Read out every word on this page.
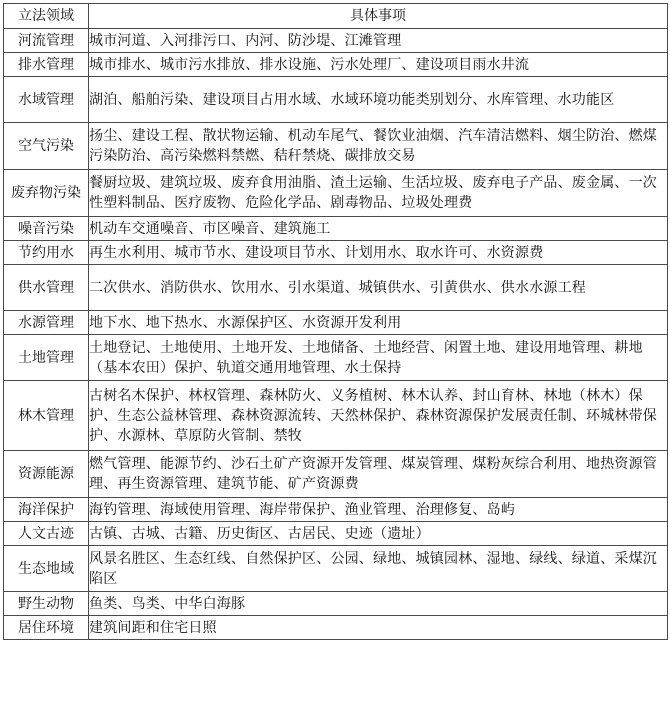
立法领域	具体事项
河流管理	城市河道、入河排污口、内河、防沙堤、江滩管理
排水管理	城市排水、城市污水排放、排水设施、污水处理厂、建设项目雨水井流
水域管理	湖泊、船舶污染、建设项目占用水域、水域环境功能类别划分、水库管理、水功能区
空气污染	扬尘、建设工程、散状物运输、机动车尾气、餐饮业油烟、汽车清洁燃料、烟尘防治、燃煤污染防治、高污染燃料禁燃、秸秆禁烧、碳排放交易
废弃物污染	餐厨垃圾、建筑垃圾、废弃食用油脂、渣土运输、生活垃圾、废弃电子产品、废金属、一次性塑料制品、医疗废物、危险化学品、剧毒物品、垃圾处理费
噪音污染	机动车交通噪音、市区噪音、建筑施工
节约用水	再生水利用、城市节水、建设项目节水、计划用水、取水许可、水资源费
供水管理	二次供水、消防供水、饮用水、引水渠道、城镇供水、引黄供水、供水水源工程
水源管理	地下水、地下热水、水源保护区、水资源开发利用
土地管理	土地登记、土地使用、土地开发、土地储备、土地经营、闲置土地、建设用地管理、耕地（基本农田）保护、轨道交通用地管理、水土保持
林木管理	古树名木保护、林权管理、森林防火、义务植树、林木认养、封山育林、林地（林木）保护、生态公益林管理、森林资源流转、天然林保护、森林资源保护发展责任制、环城林带保护、水源林、草原防火管制、禁牧
资源能源	燃气管理、能源节约、沙石土矿产资源开发管理、煤炭管理、煤粉灰综合利用、地热资源管理、再生资源管理、建筑节能、矿产资源费
海洋保护	海钓管理、海域使用管理、海岸带保护、渔业管理、治理修复、岛屿
人文古迹	古镇、古城、古籍、历史街区、古居民、史迹（遗址）
生态地域	风景名胜区、生态红线、自然保护区、公园、绿地、城镇园林、湿地、绿线、绿道、采煤沉陷区
野生动物	鱼类、鸟类、中华白海豚
居住环境	建筑间距和住宅日照
